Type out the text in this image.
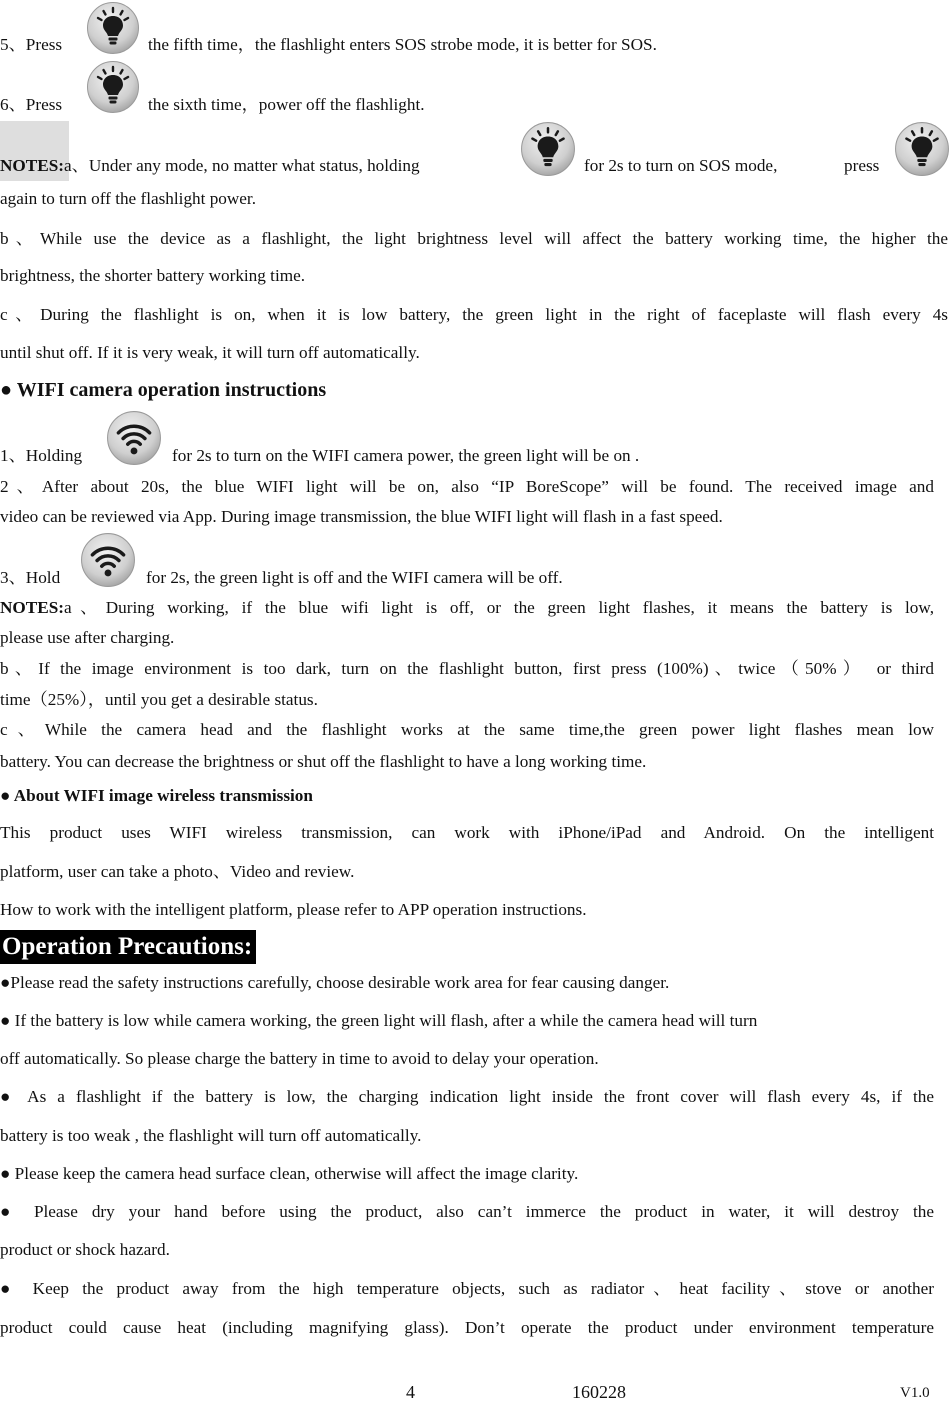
5、Press	the fifth time，the flashlight enters SOS strobe mode, it is better for SOS.
6、Press	the sixth time，power off the flashlight.
NOTES:a、Under any mode, no matter what status, holding	for 2s to turn on SOS mode,	press
again to turn off the flashlight power.
b、While use the device as a flashlight, the light brightness level will affect the battery working time, the higher the
brightness, the shorter battery working time.
c、During the flashlight is on, when it is low battery, the green light in the right of faceplaste will flash every 4s
until shut off. If it is very weak, it will turn off automatically.
● WIFI camera operation instructions
1、Holding	for 2s to turn on the WIFI camera power, the green light will be on .
2、After about 20s, the blue WIFI light will be on, also “IP BoreScope” will be found. The received image and
video can be reviewed via App. During image transmission, the blue WIFI light will flash in a fast speed.
3、Hold	for 2s, the green light is off and the WIFI camera will be off.
NOTES:a、During working, if the blue wifi light is off, or the green light flashes, it means the battery is low,
please use after charging.
b、If the image environment is too dark, turn on the flashlight button, first press (100%)、twice（50%） or third
time（25%），until you get a desirable status.
c、While the camera head and the flashlight works at the same time,the green power light flashes mean low
battery. You can decrease the brightness or shut off the flashlight to have a long working time.
● About WIFI image wireless transmission
This product uses WIFI wireless transmission, can work with iPhone/iPad and Android. On the intelligent
platform, user can take a photo、Video and review.
How to work with the intelligent platform, please refer to APP operation instructions.
Operation Precautions:
●Please read the safety instructions carefully, choose desirable work area for fear causing danger.
● If the battery is low while camera working, the green light will flash, after a while the camera head will turn
off automatically. So please charge the battery in time to avoid to delay your operation.
● As a flashlight if the battery is low, the charging indication light inside the front cover will flash every 4s, if the
battery is too weak , the flashlight will turn off automatically.
● Please keep the camera head surface clean, otherwise will affect the image clarity.
● Please dry your hand before using the product, also can’t immerce the product in water, it will destroy the
product or shock hazard.
● Keep the product away from the high temperature objects, such as radiator、heat facility、stove or another
product could cause heat (including magnifying glass). Don’t operate the product under environment temperature
4	160228	V1.0
